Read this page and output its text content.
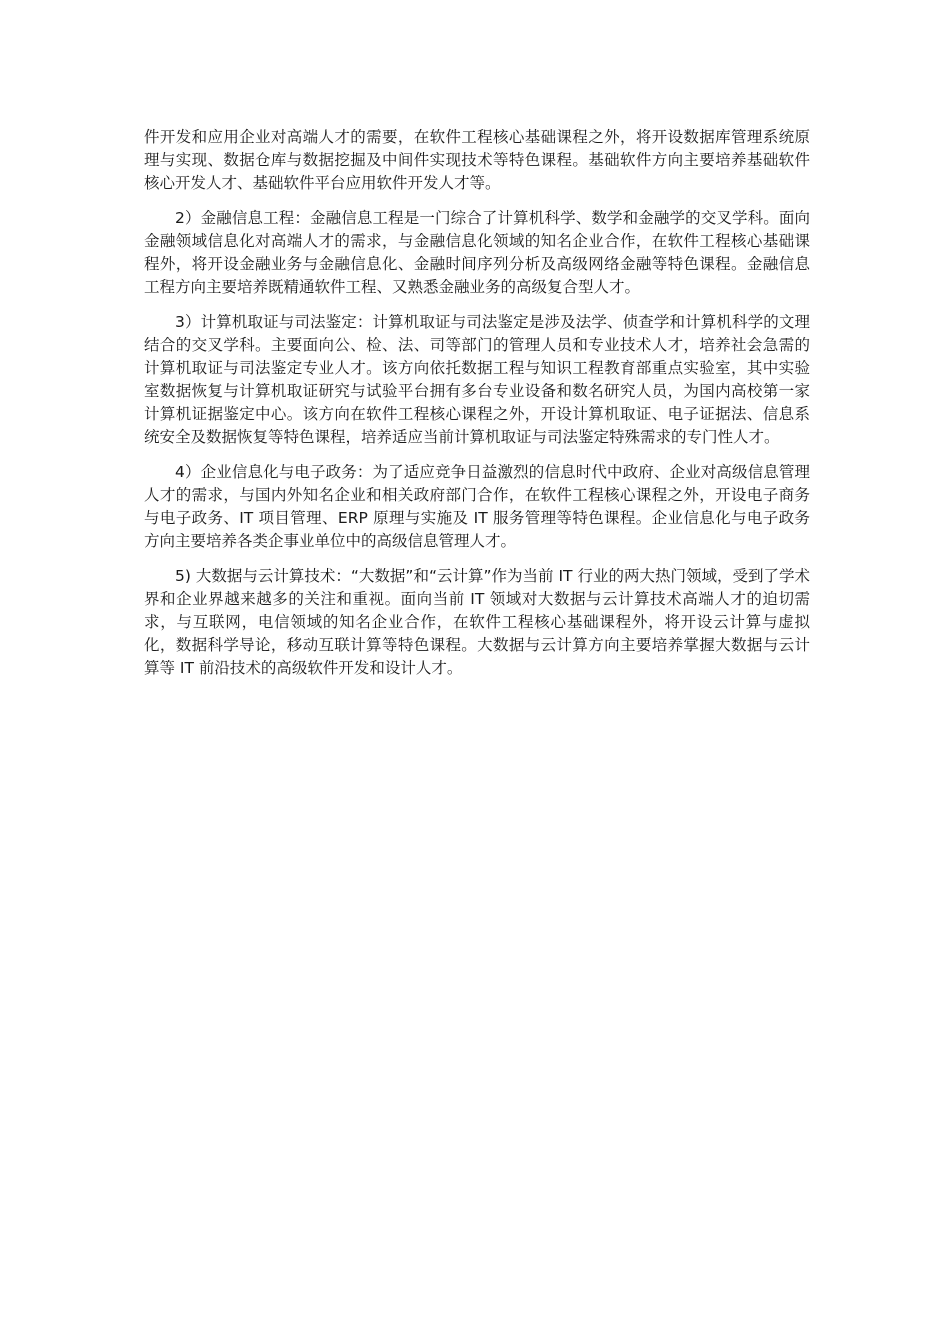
件开发和应用企业对高端人才的需要，在软件工程核心基础课程之外，将开设数据库管理系统原理与实现、数据仓库与数据挖掘及中间件实现技术等特色课程。基础软件方向主要培养基础软件核心开发人才、基础软件平台应用软件开发人才等。

2）金融信息工程：金融信息工程是一门综合了计算机科学、数学和金融学的交叉学科。面向金融领域信息化对高端人才的需求，与金融信息化领域的知名企业合作，在软件工程核心基础课程外，将开设金融业务与金融信息化、金融时间序列分析及高级网络金融等特色课程。金融信息工程方向主要培养既精通软件工程、又熟悉金融业务的高级复合型人才。

3）计算机取证与司法鉴定：计算机取证与司法鉴定是涉及法学、侦查学和计算机科学的文理结合的交叉学科。主要面向公、检、法、司等部门的管理人员和专业技术人才，培养社会急需的计算机取证与司法鉴定专业人才。该方向依托数据工程与知识工程教育部重点实验室，其中实验室数据恢复与计算机取证研究与试验平台拥有多台专业设备和数名研究人员，为国内高校第一家计算机证据鉴定中心。该方向在软件工程核心课程之外，开设计算机取证、电子证据法、信息系统安全及数据恢复等特色课程，培养适应当前计算机取证与司法鉴定特殊需求的专门性人才。

4）企业信息化与电子政务：为了适应竞争日益激烈的信息时代中政府、企业对高级信息管理人才的需求，与国内外知名企业和相关政府部门合作，在软件工程核心课程之外，开设电子商务与电子政务、IT 项目管理、ERP 原理与实施及 IT 服务管理等特色课程。企业信息化与电子政务方向主要培养各类企事业单位中的高级信息管理人才。

5) 大数据与云计算技术：“大数据”和“云计算”作为当前 IT 行业的两大热门领域，受到了学术界和企业界越来越多的关注和重视。面向当前 IT 领域对大数据与云计算技术高端人才的迫切需求，与互联网，电信领域的知名企业合作，在软件工程核心基础课程外，将开设云计算与虚拟化，数据科学导论，移动互联计算等特色课程。大数据与云计算方向主要培养掌握大数据与云计算等 IT 前沿技术的高级软件开发和设计人才。
